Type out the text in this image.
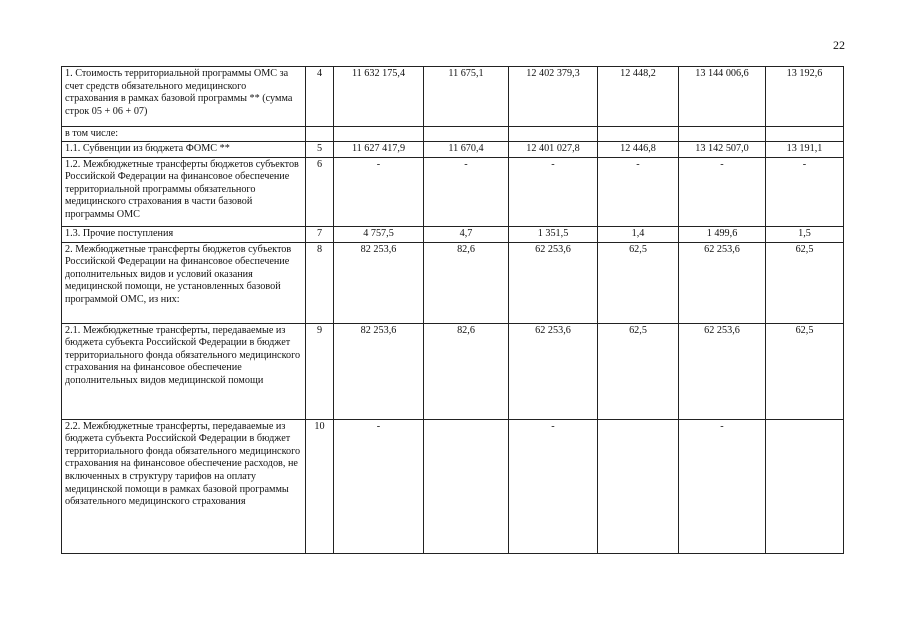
22
1. Стоимость территориальной программы ОМС за счет средств обязательного медицинского страхования в рамках базовой программы ** (сумма строк 05 + 06 + 07)	4	11 632 175,4	11 675,1	12 402 379,3	12 448,2	13 144 006,6	13 192,6
в том числе:							
1.1. Субвенции из бюджета ФОМС **	5	11 627 417,9	11 670,4	12 401 027,8	12 446,8	13 142 507,0	13 191,1
1.2. Межбюджетные трансферты бюджетов субъектов Российской Федерации на финансовое обеспечение территориальной программы обязательного медицинского страхования в части базовой программы ОМС	6	-	-	-	-	-	-
1.3. Прочие поступления	7	4 757,5	4,7	1 351,5	1,4	1 499,6	1,5
2. Межбюджетные трансферты бюджетов субъектов Российской Федерации на финансовое обеспечение дополнительных видов и условий оказания медицинской помощи, не установленных базовой программой ОМС, из них:	8	82 253,6	82,6	62 253,6	62,5	62 253,6	62,5
2.1. Межбюджетные трансферты, передаваемые из бюджета субъекта Российской Федерации в бюджет территориального фонда обязательного медицинского страхования на финансовое обеспечение дополнительных видов медицинской помощи	9	82 253,6	82,6	62 253,6	62,5	62 253,6	62,5
2.2. Межбюджетные трансферты, передаваемые из бюджета субъекта Российской Федерации в бюджет территориального фонда обязательного медицинского страхования на финансовое обеспечение расходов, не включенных в структуру тарифов на оплату медицинской помощи в рамках базовой программы обязательного медицинского страхования	10	-		-		-	
